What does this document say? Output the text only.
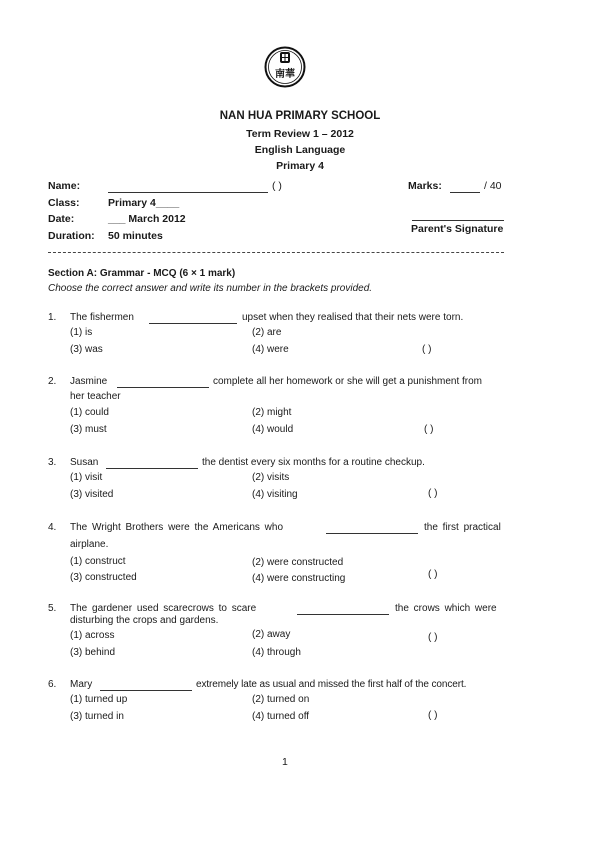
南華
NAN HUA PRIMARY SCHOOL
Term Review 1 – 2012
English Language
Primary 4
Name:	( )	Marks:	/ 40
Class:	Primary 4____
Date:	___ March 2012
Parent's Signature
Duration: 50 minutes
Section A: Grammar - MCQ (6 × 1 mark)
Choose the correct answer and write its number in the brackets provided.
1. The fishermen	upset when they realised that their nets were torn.
(1) is	(2) are
(3) was	(4) were	( )
2. Jasmine	complete all her homework or she will get a punishment from
her teacher
(1) could	(2) might
(3) must	(4) would	( )
3. Susan	the dentist every six months for a routine checkup.
(1) visit	(2) visits
(3) visited	(4) visiting	( )
4. The Wright Brothers were the Americans who	the first practical
airplane.
(1) construct	(2) were constructed
(3) constructed	(4) were constructing	( )
5. The gardener used scarecrows to scare	the crows which were
disturbing the crops and gardens.
(1) across	(2) away
(3) behind	(4) through
( )
6. Mary	extremely late as usual and missed the first half of the concert.
(1) turned up	(2) turned on
(3) turned in	(4) turned off	( )
1
